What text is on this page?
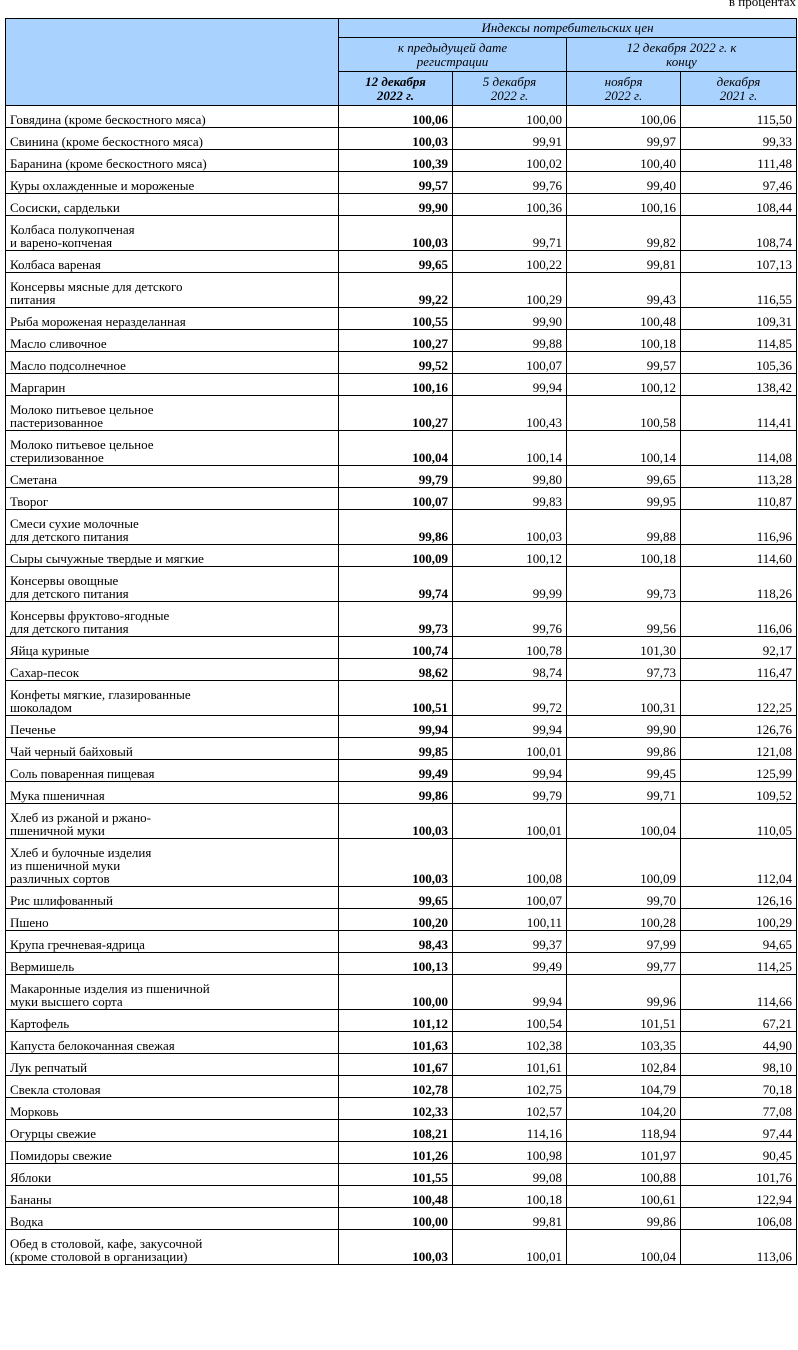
в процентах
	Индексы потребительских цен			

	к предыдущей дате регистрации		12 декабря 2022 г. к концу	

	12 декабря 2022 г.	5 декабря 2022 г.	ноября 2022 г.	декабря 2021 г.

Говядина (кроме бескостного мяса)	100,06	100,00	100,06	115,50
Свинина (кроме бескостного мяса)	100,03	99,91	99,97	99,33
Баранина (кроме бескостного мяса)	100,39	100,02	100,40	111,48
Куры охлажденные и мороженые	99,57	99,76	99,40	97,46
Сосиски, сардельки	99,90	100,36	100,16	108,44
Колбаса полукопченая
и варено-копченая	100,03	99,71	99,82	108,74
Колбаса вареная	99,65	100,22	99,81	107,13
Консервы мясные для детского
питания	99,22	100,29	99,43	116,55
Рыба мороженая неразделанная	100,55	99,90	100,48	109,31
Масло сливочное	100,27	99,88	100,18	114,85
Масло подсолнечное	99,52	100,07	99,57	105,36
Маргарин	100,16	99,94	100,12	138,42
Молоко питьевое цельное
пастеризованное	100,27	100,43	100,58	114,41
Молоко питьевое цельное
стерилизованное	100,04	100,14	100,14	114,08
Сметана	99,79	99,80	99,65	113,28
Творог	100,07	99,83	99,95	110,87
Смеси сухие молочные
для детского питания	99,86	100,03	99,88	116,96
Сыры сычужные твердые и мягкие	100,09	100,12	100,18	114,60
Консервы овощные
для детского питания	99,74	99,99	99,73	118,26
Консервы фруктово-ягодные
для детского питания	99,73	99,76	99,56	116,06
Яйца куриные	100,74	100,78	101,30	92,17
Сахар-песок	98,62	98,74	97,73	116,47
Конфеты мягкие, глазированные
шоколадом	100,51	99,72	100,31	122,25
Печенье	99,94	99,94	99,90	126,76
Чай черный байховый	99,85	100,01	99,86	121,08
Соль поваренная пищевая	99,49	99,94	99,45	125,99
Мука пшеничная	99,86	99,79	99,71	109,52
Хлеб из ржаной и ржано-
пшеничной муки	100,03	100,01	100,04	110,05
Хлеб и булочные изделия
из пшеничной муки
различных сортов	100,03	100,08	100,09	112,04
Рис шлифованный	99,65	100,07	99,70	126,16
Пшено	100,20	100,11	100,28	100,29
Крупа гречневая-ядрица	98,43	99,37	97,99	94,65
Вермишель	100,13	99,49	99,77	114,25
Макаронные изделия из пшеничной
муки высшего сорта	100,00	99,94	99,96	114,66
Картофель	101,12	100,54	101,51	67,21
Капуста белокочанная свежая	101,63	102,38	103,35	44,90
Лук репчатый	101,67	101,61	102,84	98,10
Свекла столовая	102,78	102,75	104,79	70,18
Морковь	102,33	102,57	104,20	77,08
Огурцы свежие	108,21	114,16	118,94	97,44
Помидоры свежие	101,26	100,98	101,97	90,45
Яблоки	101,55	99,08	100,88	101,76
Бананы	100,48	100,18	100,61	122,94
Водка	100,00	99,81	99,86	106,08
Обед в столовой, кафе, закусочной
(кроме столовой в организации)	100,03	100,01	100,04	113,06
